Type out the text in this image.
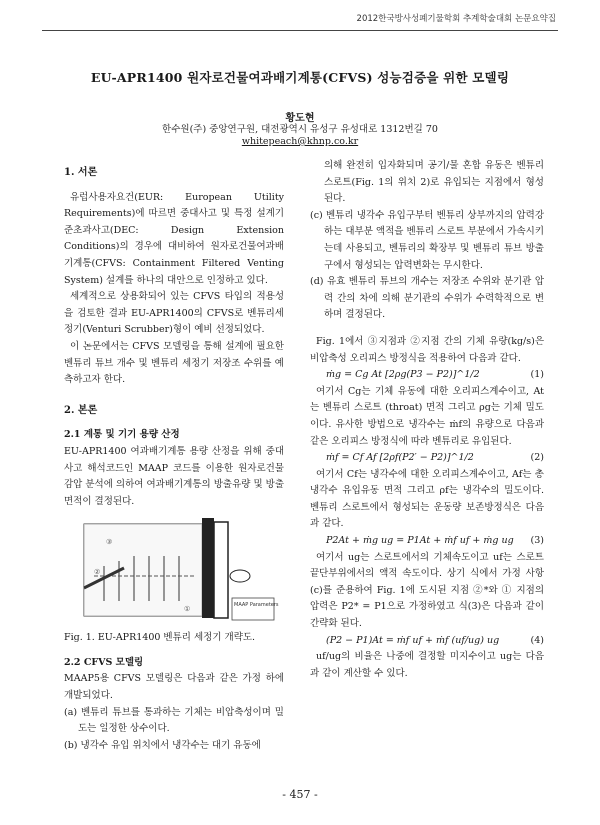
2012한국방사성폐기물학회 추계학술대회 논문요약집
EU-APR1400 원자로건물여과배기계통(CFVS) 성능검증을 위한 모델링
황도현
한수원(주) 중앙연구원, 대전광역시 유성구 유성대로 1312번길 70
whitepeach@khnp.co.kr

1. 서론

유럽사용자요건(EUR: European Utility Requirements)에 따르면 중대사고 및 특정 설계기준초과사고(DEC: Design Extension Conditions)의 경우에 대비하여 원자로건물여과배기계통(CFVS: Containment Filtered Venting System) 설계를 하나의 대안으로 인정하고 있다.

세계적으로 상용화되어 있는 CFVS 타입의 적용성을 검토한 결과 EU-APR1400의 CFVS로 벤튜리세정기(Venturi Scrubber)형이 예비 선정되었다.

이 논문에서는 CFVS 모델링을 통해 설계에 필요한 벤튜리 튜브 개수 및 벤튜리 세정기 저장조 수위를 예측하고자 한다.

2. 본론

2.1 계통 및 기기 용량 산정

EU-APR1400 여과배기계통 용량 산정을 위해 중대사고 해석코드인 MAAP 코드를 이용한 원자로건물 감압 분석에 의하여 여과배기계통의 방출유량 및 방출면적이 결정된다.

MAAP Parameters
③
②
①

Fig. 1. EU-APR1400 벤튜리 세정기 개략도.

2.2 CFVS 모델링

MAAP5용 CFVS 모델링은 다음과 같은 가정 하에 개발되었다.

(a) 벤튜리 튜브를 통과하는 기체는 비압축성이며 밀도는 일정한 상수이다.

(b) 냉각수 유입 위치에서 냉각수는 대기 유동에

의해 완전히 입자화되며 공기/물 혼합 유동은 벤튜리 스로트(Fig. 1의 위치 2)로 유입되는 지점에서 형성된다.

(c) 벤튜리 냉각수 유입구부터 벤튜리 상부까지의 압력강하는 대부분 액적을 벤튜리 스로트 부분에서 가속시키는데 사용되고, 벤튜리의 확장부 및 벤튜리 튜브 방출구에서 형성되는 압력변화는 무시한다.

(d) 유효 벤튜리 튜브의 개수는 저장조 수위와 분기관 압력 간의 차에 의해 분기관의 수위가 수력학적으로 변하며 결정된다.

Fig. 1에서 ③지점과 ②지점 간의 기체 유량(kg/s)은 비압축성 오리피스 방정식을 적용하여 다음과 같다.

ṁg = Cg At [2ρg(P3 − P2)]^1/2	(1)

여기서 Cg는 기체 유동에 대한 오리피스계수이고, At는 벤튜리 스로트 (throat) 면적 그리고 ρg는 기체 밀도이다. 유사한 방법으로 냉각수는 ṁf의 유량으로 다음과 같은 오리피스 방정식에 따라 벤튜리로 유입된다.

ṁf = Cf Af [2ρf(P2′ − P2)]^1/2	(2)

여기서 Cf는 냉각수에 대한 오리피스계수이고, Af는 총 냉각수 유입유동 면적 그리고 ρf는 냉각수의 밀도이다. 벤튜리 스로트에서 형성되는 운동량 보존방정식은 다음과 같다.

P2At + ṁg ug = P1At + ṁf uf + ṁg ug (3)

여기서 ug는 스로트에서의 기체속도이고 uf는 스로트 끝단부위에서의 액적 속도이다. 상기 식에서 가정 사항 (c)를 준용하여 Fig. 1에 도시된 지점 ②*와 ① 지점의 압력은 P2* = P1으로 가정하였고 식(3)은 다음과 같이 간략화 된다.

(P2 − P1)At = ṁf uf + ṁf (uf/ug) ug	(4)

uf/ug의 비율은 나중에 결정할 미지수이고 ug는 다음과 같이 계산할 수 있다.

- 457 -
